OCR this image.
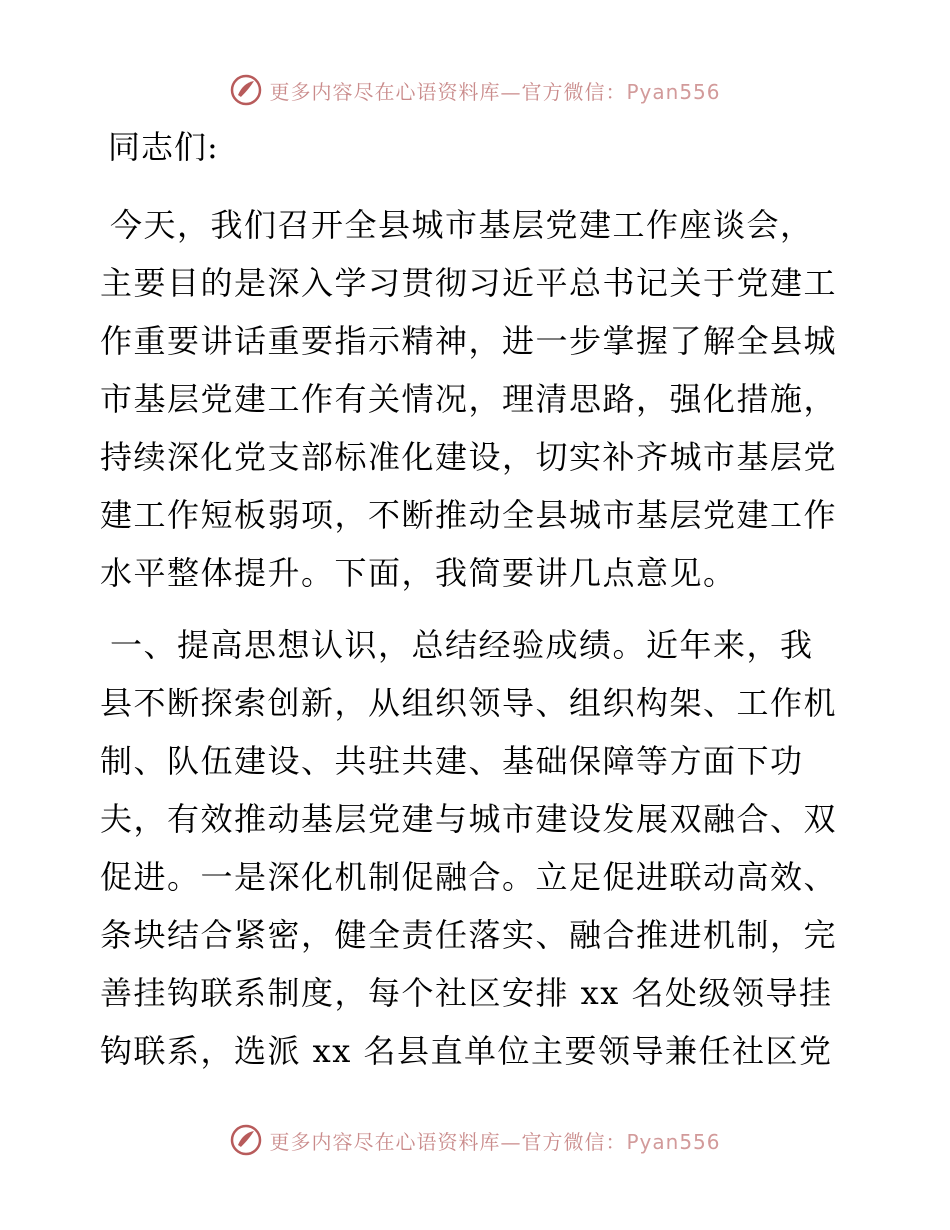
更多内容尽在心语资料库—官方微信：Pyan556
同志们:
今天，我们召开全县城市基层党建工作座谈会，
主要目的是深入学习贯彻习近平总书记关于党建工
作重要讲话重要指示精神，进一步掌握了解全县城
市基层党建工作有关情况，理清思路，强化措施，
持续深化党支部标准化建设，切实补齐城市基层党
建工作短板弱项，不断推动全县城市基层党建工作
水平整体提升。下面，我简要讲几点意见。
一、提高思想认识，总结经验成绩。近年来，我
县不断探索创新，从组织领导、组织构架、工作机
制、队伍建设、共驻共建、基础保障等方面下功
夫，有效推动基层党建与城市建设发展双融合、双
促进。一是深化机制促融合。立足促进联动高效、
条块结合紧密，健全责任落实、融合推进机制，完
善挂钩联系制度，每个社区安排 xx 名处级领导挂
钩联系，选派 xx 名县直单位主要领导兼任社区党
更多内容尽在心语资料库—官方微信：Pyan556
